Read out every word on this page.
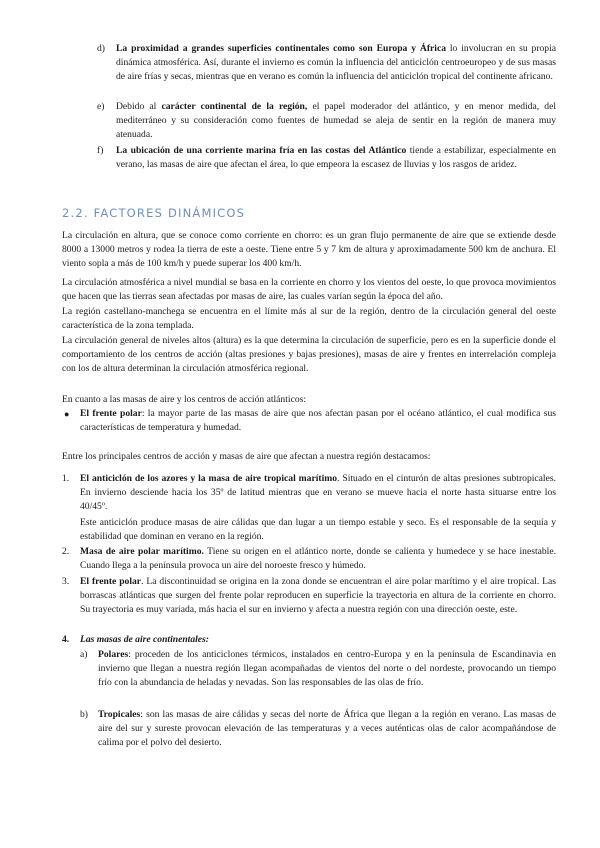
d) La proximidad a grandes superficies continentales como son Europa y África lo involucran en su propia dinámica atmosférica. Así, durante el invierno es común la influencia del anticiclón centroeuropeo y de sus masas de aire frías y secas, mientras que en verano es común la influencia del anticiclón tropical del continente africano.
e) Debido al carácter continental de la región, el papel moderador del atlántico, y en menor medida, del mediterráneo y su consideración como fuentes de humedad se aleja de sentir en la región de manera muy atenuada.
f) La ubicación de una corriente marina fría en las costas del Atlántico tiende a estabilizar, especialmente en verano, las masas de aire que afectan el área, lo que empeora la escasez de lluvias y los rasgos de aridez.
2.2. FACTORES DINÁMICOS
La circulación en altura, que se conoce como corriente en chorro: es un gran flujo permanente de aire que se extiende desde 8000 a 13000 metros y rodea la tierra de este a oeste. Tiene entre 5 y 7 km de altura y aproximadamente 500 km de anchura. El viento sopla a más de 100 km/h y puede superar los 400 km/h.
La circulación atmosférica a nivel mundial se basa en la corriente en chorro y los vientos del oeste, lo que provoca movimientos que hacen que las tierras sean afectadas por masas de aire, las cuales varían según la época del año.
La región castellano-manchega se encuentra en el límite más al sur de la región, dentro de la circulación general del oeste característica de la zona templada.
La circulación general de niveles altos (altura) es la que determina la circulación de superficie, pero es en la superficie donde el comportamiento de los centros de acción (altas presiones y bajas presiones), masas de aire y frentes en interrelación compleja con los de altura determinan la circulación atmosférica regional.
En cuanto a las masas de aire y los centros de acción atlánticos:
● El frente polar: la mayor parte de las masas de aire que nos afectan pasan por el océano atlántico, el cual modifica sus características de temperatura y humedad.
Entre los principales centros de acción y masas de aire que afectan a nuestra región destacamos:
1. El anticiclón de los azores y la masa de aire tropical marítimo. Situado en el cinturón de altas presiones subtropicales. En invierno desciende hacia los 35º de latitud mientras que en verano se mueve hacia el norte hasta situarse entre los 40/45º.
Este anticiclón produce masas de aire cálidas que dan lugar a un tiempo estable y seco. Es el responsable de la sequía y estabilidad que dominan en verano en la región.
2. Masa de aire polar marítimo. Tiene su origen en el atlántico norte, donde se calienta y humedece y se hace inestable. Cuando llega a la península provoca un aire del noroeste fresco y húmedo.
3. El frente polar. La discontinuidad se origina en la zona donde se encuentran el aire polar marítimo y el aire tropical. Las borrascas atlánticas que surgen del frente polar reproducen en superficie la trayectoria en altura de la corriente en chorro. Su trayectoria es muy variada, más hacia el sur en invierno y afecta a nuestra región con una dirección oeste, este.
4. Las masas de aire continentales:
a) Polares: proceden de los anticiclones térmicos, instalados en centro-Europa y en la península de Escandinavia en invierno que llegan a nuestra región llegan acompañadas de vientos del norte o del nordeste, provocando un tiempo frío con la abundancia de heladas y nevadas. Son las responsables de las olas de frío.
b) Tropicales: son las masas de aire cálidas y secas del norte de África que llegan a la región en verano. Las masas de aire del sur y sureste provocan elevación de las temperaturas y a veces auténticas olas de calor acompañándose de calima por el polvo del desierto.
